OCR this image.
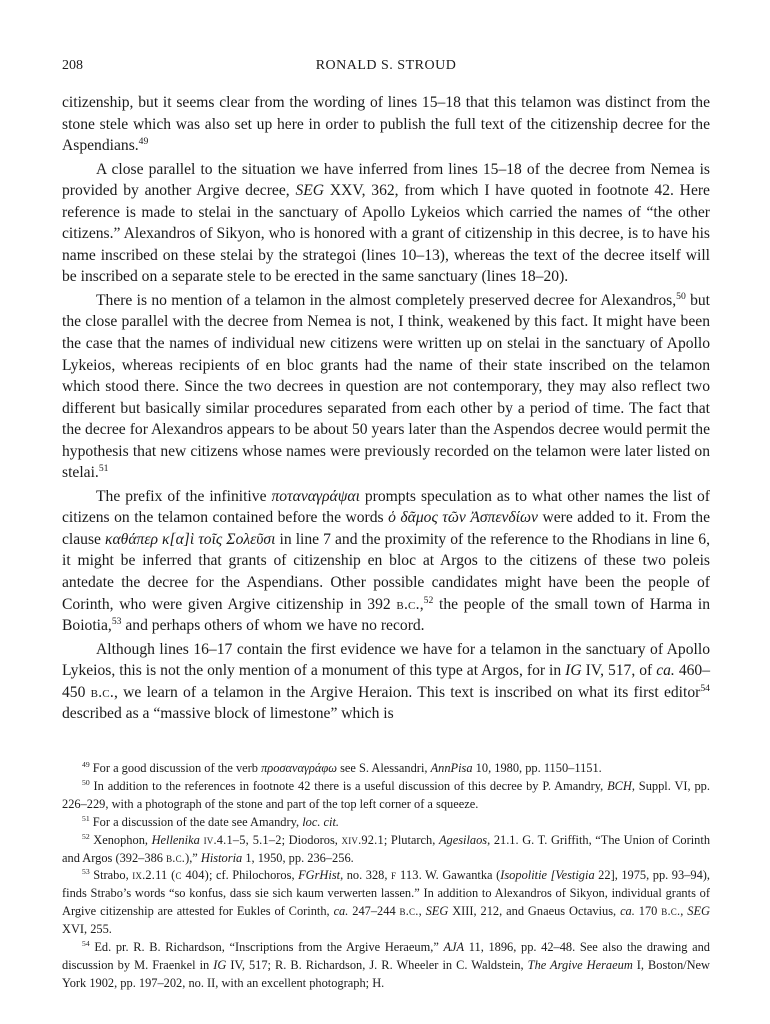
208	RONALD S. STROUD

citizenship, but it seems clear from the wording of lines 15–18 that this telamon was distinct from the stone stele which was also set up here in order to publish the full text of the citizenship decree for the Aspendians.$^{49}$

A close parallel to the situation we have inferred from lines 15–18 of the decree from Nemea is provided by another Argive decree, SEG XXV, 362, from which I have quoted in footnote 42. Here reference is made to stelai in the sanctuary of Apollo Lykeios which carried the names of “the other citizens.” Alexandros of Sikyon, who is honored with a grant of citizenship in this decree, is to have his name inscribed on these stelai by the strategoi (lines 10–13), whereas the text of the decree itself will be inscribed on a separate stele to be erected in the same sanctuary (lines 18–20).

There is no mention of a telamon in the almost completely preserved decree for Alexandros,$^{50}$ but the close parallel with the decree from Nemea is not, I think, weakened by this fact. It might have been the case that the names of individual new citizens were written up on stelai in the sanctuary of Apollo Lykeios, whereas recipients of en bloc grants had the name of their state inscribed on the telamon which stood there. Since the two decrees in question are not contemporary, they may also reflect two different but basically similar procedures separated from each other by a period of time. The fact that the decree for Alexandros appears to be about 50 years later than the Aspendos decree would permit the hypothesis that new citizens whose names were previously recorded on the telamon were later listed on stelai.$^{51}$

The prefix of the infinitive ποταναγράψαι prompts speculation as to what other names the list of citizens on the telamon contained before the words ὁ δᾶμος τῶν Ἀσπενδίων were added to it. From the clause καθάπερ κ[α]ὶ τοῖς Σολεῦσι in line 7 and the proximity of the reference to the Rhodians in line 6, it might be inferred that grants of citizenship en bloc at Argos to the citizens of these two poleis antedate the decree for the Aspendians. Other possible candidates might have been the people of Corinth, who were given Argive citizenship in 392 b.c.,$^{52}$ the people of the small town of Harma in Boiotia,$^{53}$ and perhaps others of whom we have no record.

Although lines 16–17 contain the first evidence we have for a telamon in the sanctuary of Apollo Lykeios, this is not the only mention of a monument of this type at Argos, for in IG IV, 517, of ca. 460–450 b.c., we learn of a telamon in the Argive Heraion. This text is inscribed on what its first editor$^{54}$ described as a “massive block of limestone” which is

$^{49}$ For a good discussion of the verb προσαναγράφω see S. Alessandri, AnnPisa 10, 1980, pp. 1150–1151.

$^{50}$ In addition to the references in footnote 42 there is a useful discussion of this decree by P. Amandry, BCH, Suppl. VI, pp. 226–229, with a photograph of the stone and part of the top left corner of a squeeze.

$^{51}$ For a discussion of the date see Amandry, loc. cit.

$^{52}$ Xenophon, Hellenika iv.4.1–5, 5.1–2; Diodoros, xiv.92.1; Plutarch, Agesilaos, 21.1. G. T. Griffith, “The Union of Corinth and Argos (392–386 b.c.),” Historia 1, 1950, pp. 236–256.

$^{53}$ Strabo, ix.2.11 (c 404); cf. Philochoros, FGrHist, no. 328, f 113. W. Gawantka (Isopolitie [Vestigia 22], 1975, pp. 93–94), finds Strabo’s words “so konfus, dass sie sich kaum verwerten lassen.” In addition to Alexandros of Sikyon, individual grants of Argive citizenship are attested for Eukles of Corinth, ca. 247–244 b.c., SEG XIII, 212, and Gnaeus Octavius, ca. 170 b.c., SEG XVI, 255.

$^{54}$ Ed. pr. R. B. Richardson, “Inscriptions from the Argive Heraeum,” AJA 11, 1896, pp. 42–48. See also the drawing and discussion by M. Fraenkel in IG IV, 517; R. B. Richardson, J. R. Wheeler in C. Waldstein, The Argive Heraeum I, Boston/New York 1902, pp. 197–202, no. II, with an excellent photograph; H.
